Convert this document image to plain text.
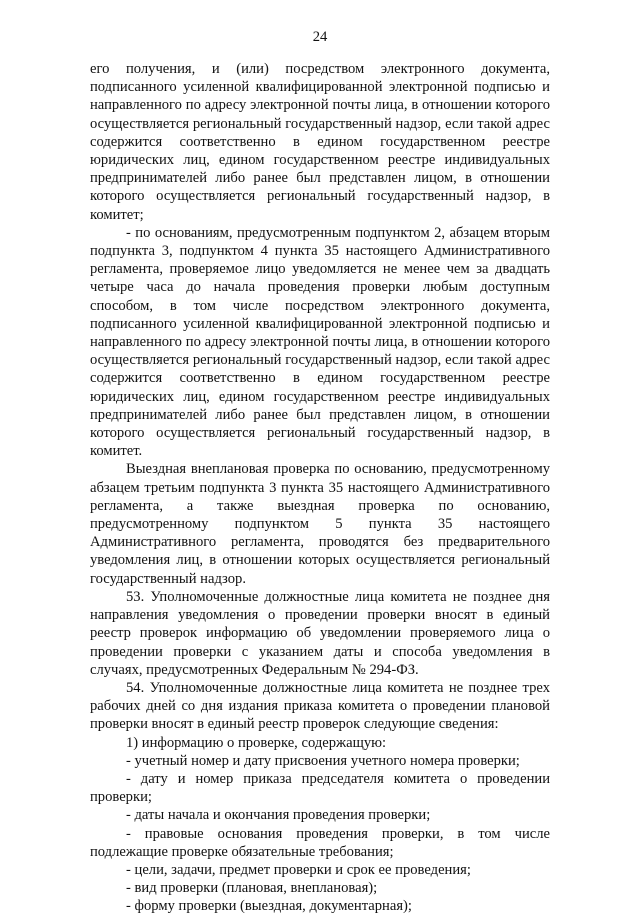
24

его получения, и (или) посредством электронного документа, подписанного усиленной квалифицированной электронной подписью и направленного по адресу электронной почты лица, в отношении которого осуществляется региональный государственный надзор, если такой адрес содержится соответственно в едином государственном реестре юридических лиц, едином государственном реестре индивидуальных предпринимателей либо ранее был представлен лицом, в отношении которого осуществляется региональный государственный надзор, в комитет;

- по основаниям, предусмотренным подпунктом 2, абзацем вторым подпункта 3, подпунктом 4 пункта 35 настоящего Административного регламента, проверяемое лицо уведомляется не менее чем за двадцать четыре часа до начала проведения проверки любым доступным способом, в том числе посредством электронного документа, подписанного усиленной квалифицированной электронной подписью и направленного по адресу электронной почты лица, в отношении которого осуществляется региональный государственный надзор, если такой адрес содержится соответственно в едином государственном реестре юридических лиц, едином государственном реестре индивидуальных предпринимателей либо ранее был представлен лицом, в отношении которого осуществляется региональный государственный надзор, в комитет.

Выездная внеплановая проверка по основанию, предусмотренному абзацем третьим подпункта 3 пункта 35 настоящего Административного регламента, а также выездная проверка по основанию, предусмотренному подпунктом 5 пункта 35 настоящего Административного регламента, проводятся без предварительного уведомления лиц, в отношении которых осуществляется региональный государственный надзор.

53. Уполномоченные должностные лица комитета не позднее дня направления уведомления о проведении проверки вносят в единый реестр проверок информацию об уведомлении проверяемого лица о проведении проверки с указанием даты и способа уведомления в случаях, предусмотренных Федеральным № 294-ФЗ.

54. Уполномоченные должностные лица комитета не позднее трех рабочих дней со дня издания приказа комитета о проведении плановой проверки вносят в единый реестр проверок следующие сведения:

1) информацию о проверке, содержащую:

- учетный номер и дату присвоения учетного номера проверки;

- дату и номер приказа председателя комитета о проведении проверки;

- даты начала и окончания проведения проверки;

- правовые основания проведения проверки, в том числе подлежащие проверке обязательные требования;

- цели, задачи, предмет проверки и срок ее проведения;

- вид проверки (плановая, внеплановая);

- форму проверки (выездная, документарная);
